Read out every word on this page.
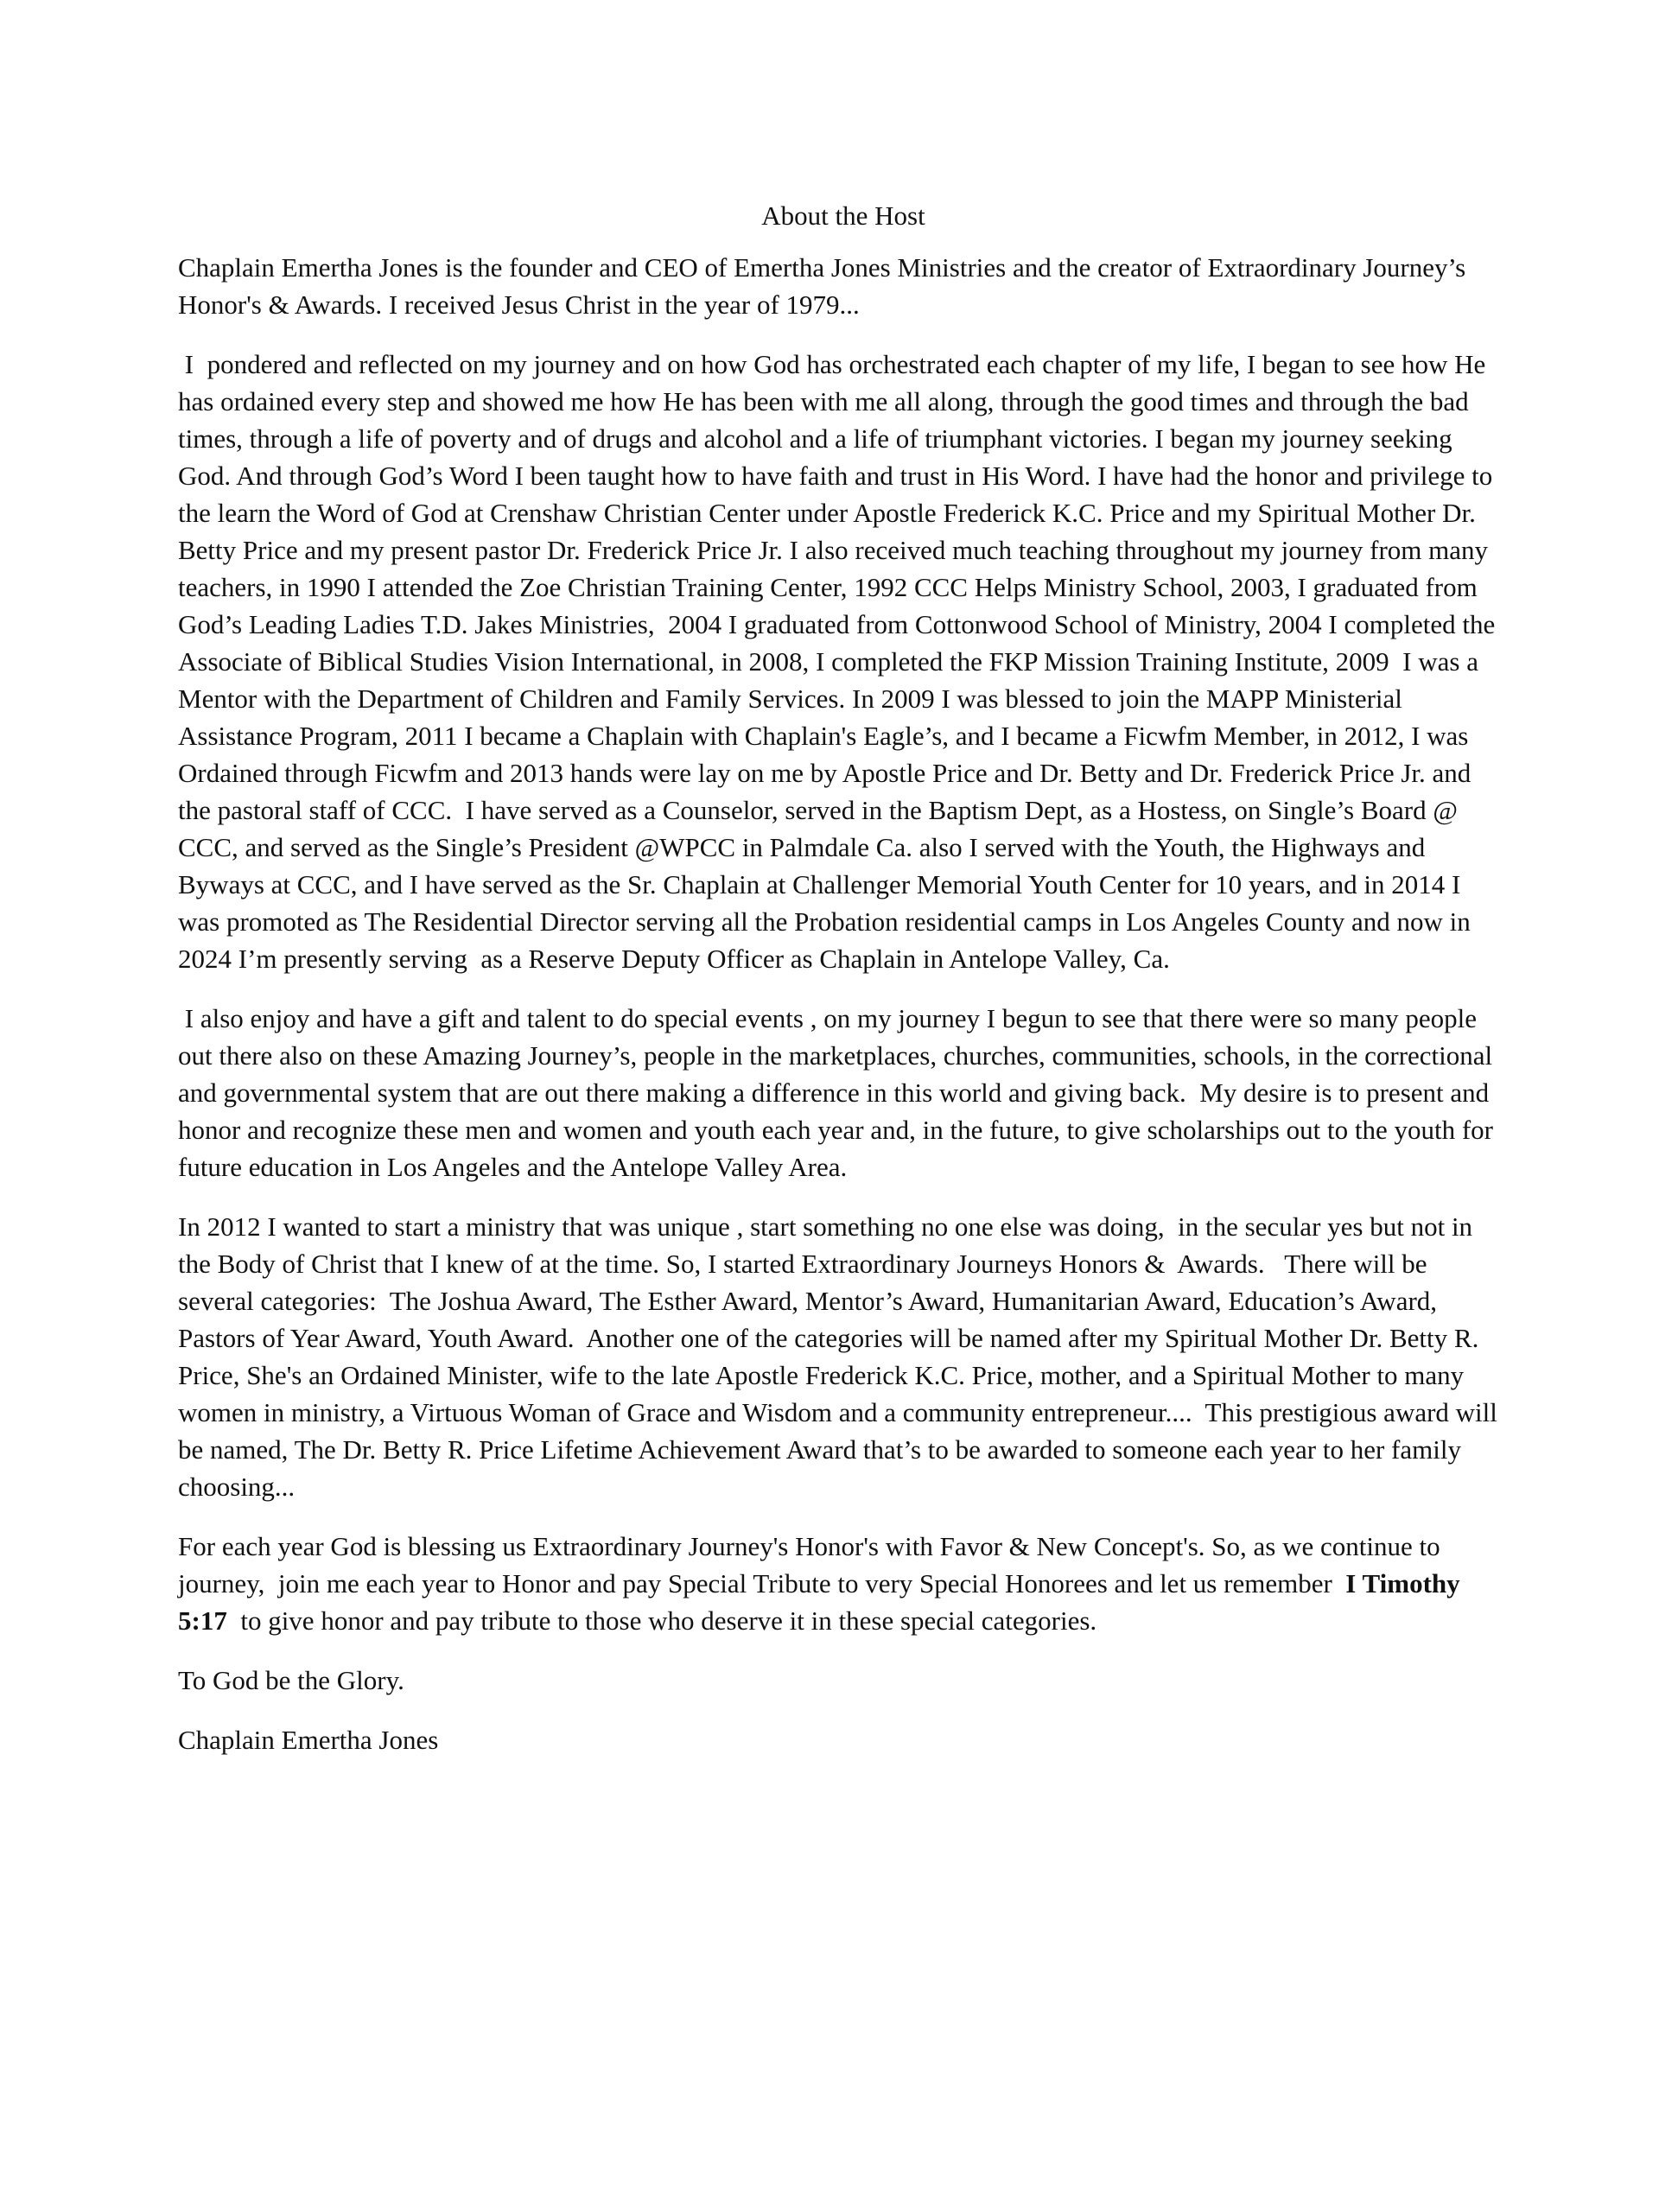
About the Host

Chaplain Emertha Jones is the founder and CEO of Emertha Jones Ministries and the creator of Extraordinary Journey’s Honor's & Awards. I received Jesus Christ in the year of 1979...

I  pondered and reflected on my journey and on how God has orchestrated each chapter of my life, I began to see how He has ordained every step and showed me how He has been with me all along, through the good times and through the bad times, through a life of poverty and of drugs and alcohol and a life of triumphant victories. I began my journey seeking God. And through God’s Word I been taught how to have faith and trust in His Word. I have had the honor and privilege to the learn the Word of God at Crenshaw Christian Center under Apostle Frederick K.C. Price and my Spiritual Mother Dr. Betty Price and my present pastor Dr. Frederick Price Jr. I also received much teaching throughout my journey from many teachers, in 1990 I attended the Zoe Christian Training Center, 1992 CCC Helps Ministry School, 2003, I graduated from God’s Leading Ladies T.D. Jakes Ministries,  2004 I graduated from Cottonwood School of Ministry, 2004 I completed the Associate of Biblical Studies Vision International, in 2008, I completed the FKP Mission Training Institute, 2009  I was a Mentor with the Department of Children and Family Services. In 2009 I was blessed to join the MAPP Ministerial Assistance Program, 2011 I became a Chaplain with Chaplain's Eagle’s, and I became a Ficwfm Member, in 2012, I was Ordained through Ficwfm and 2013 hands were lay on me by Apostle Price and Dr. Betty and Dr. Frederick Price Jr. and the pastoral staff of CCC.  I have served as a Counselor, served in the Baptism Dept, as a Hostess, on Single’s Board @ CCC, and served as the Single’s President @WPCC in Palmdale Ca. also I served with the Youth, the Highways and Byways at CCC, and I have served as the Sr. Chaplain at Challenger Memorial Youth Center for 10 years, and in 2014 I was promoted as The Residential Director serving all the Probation residential camps in Los Angeles County and now in 2024 I’m presently serving  as a Reserve Deputy Officer as Chaplain in Antelope Valley, Ca.

I also enjoy and have a gift and talent to do special events , on my journey I begun to see that there were so many people out there also on these Amazing Journey’s, people in the marketplaces, churches, communities, schools, in the correctional and governmental system that are out there making a difference in this world and giving back.  My desire is to present and honor and recognize these men and women and youth each year and, in the future, to give scholarships out to the youth for future education in Los Angeles and the Antelope Valley Area.

In 2012 I wanted to start a ministry that was unique , start something no one else was doing,  in the secular yes but not in the Body of Christ that I knew of at the time. So, I started Extraordinary Journeys Honors &  Awards.   There will be several categories:  The Joshua Award, The Esther Award, Mentor’s Award, Humanitarian Award, Education’s Award, Pastors of Year Award, Youth Award.  Another one of the categories will be named after my Spiritual Mother Dr. Betty R. Price, She's an Ordained Minister, wife to the late Apostle Frederick K.C. Price, mother, and a Spiritual Mother to many women in ministry, a Virtuous Woman of Grace and Wisdom and a community entrepreneur....  This prestigious award will be named, The Dr. Betty R. Price Lifetime Achievement Award that’s to be awarded to someone each year to her family choosing...

For each year God is blessing us Extraordinary Journey's Honor's with Favor & New Concept's. So, as we continue to journey,  join me each year to Honor and pay Special Tribute to very Special Honorees and let us remember  I Timothy 5:17  to give honor and pay tribute to those who deserve it in these special categories.

To God be the Glory.

Chaplain Emertha Jones
